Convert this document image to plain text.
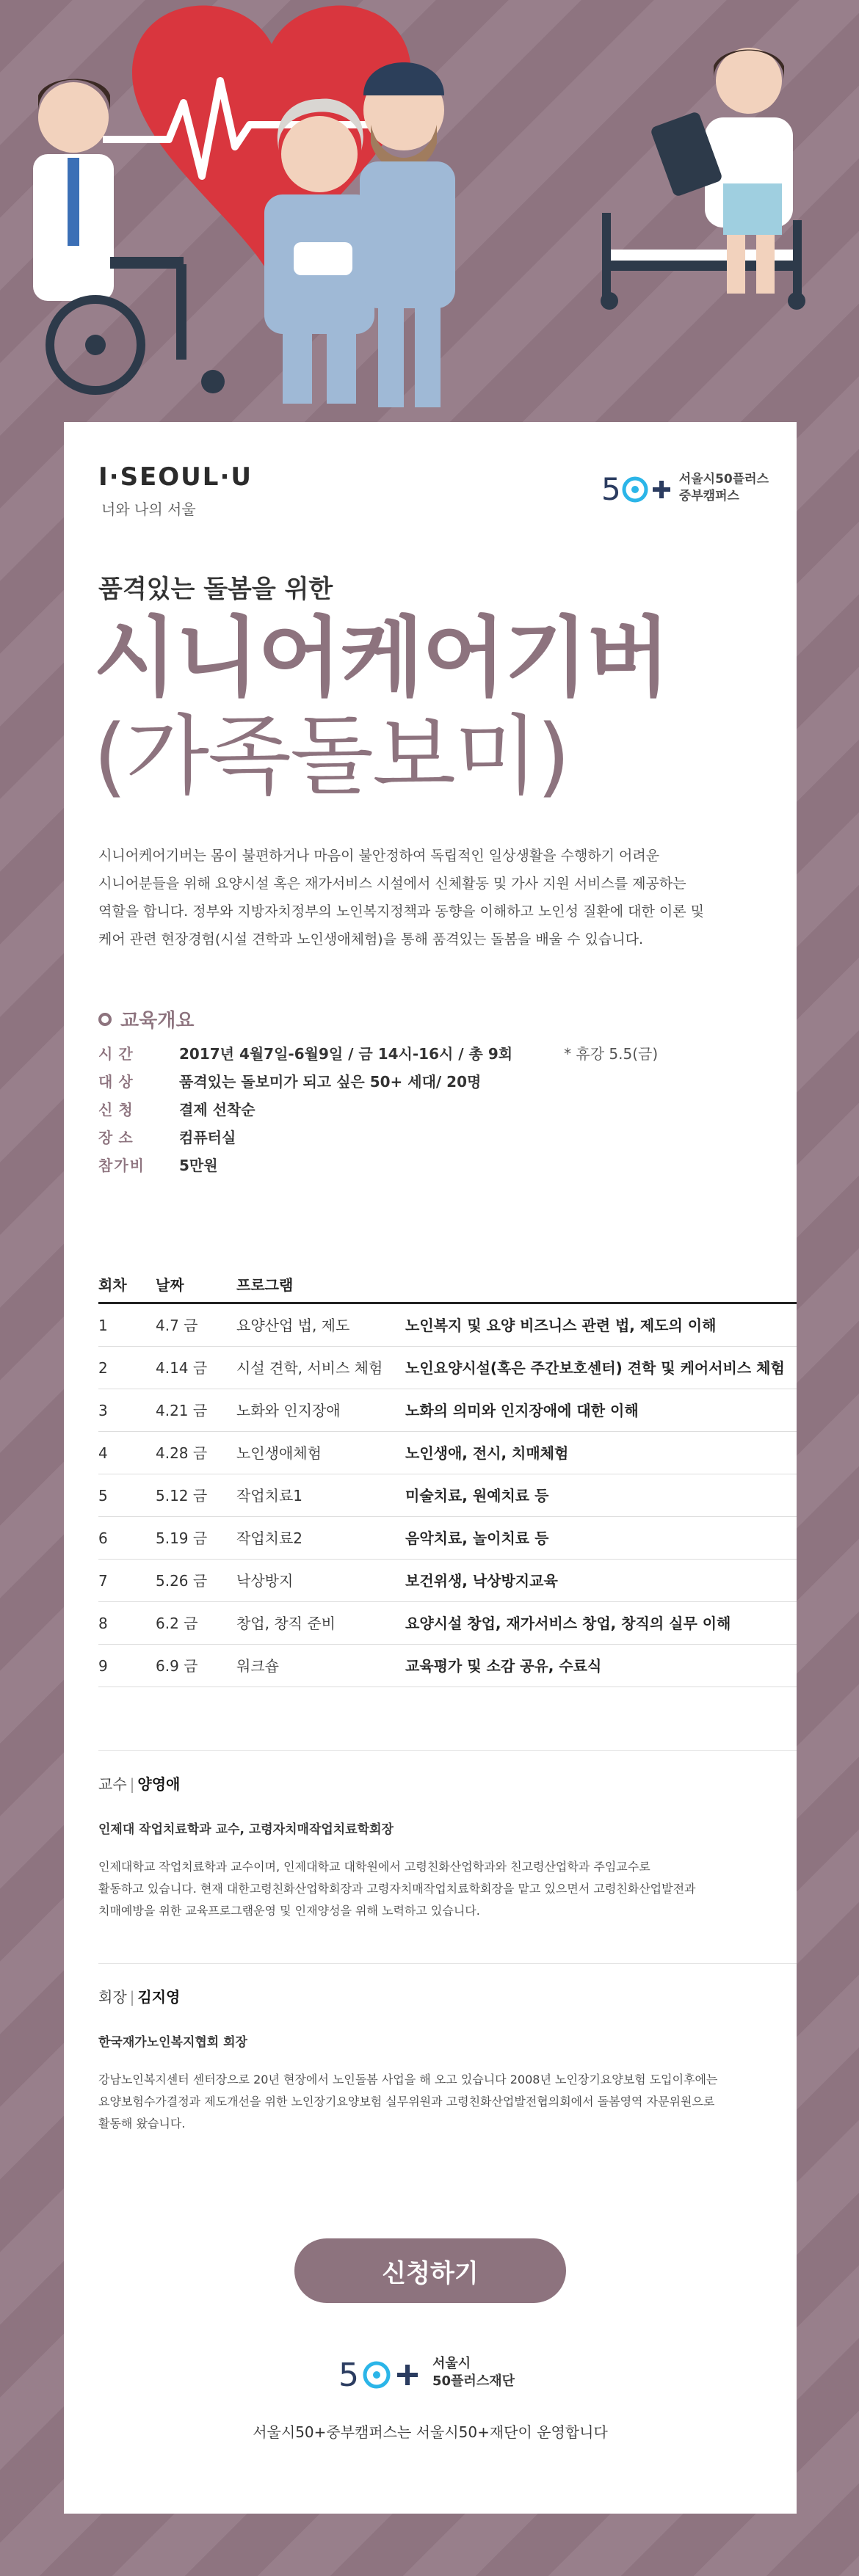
I·SEOUL·U
너와 나의 서울
5	서울시50플러스
중부캠퍼스
품격있는 돌봄을 위한
시니어케어기버
(가족돌보미)
시니어케어기버는 몸이 불편하거나 마음이 불안정하여 독립적인 일상생활을 수행하기 어려운
시니어분들을 위해 요양시설 혹은 재가서비스 시설에서 신체활동 및 가사 지원 서비스를 제공하는
역할을 합니다. 정부와 지방자치정부의 노인복지정책과 동향을 이해하고 노인성 질환에 대한 이론 및
케어 관련 현장경험(시설 견학과 노인생애체험)을 통해 품격있는 돌봄을 배울 수 있습니다.
교육개요
시간	2017년 4월7일-6월9일 / 금 14시-16시 / 총 9회	* 휴강 5.5(금)
대상	품격있는 돌보미가 되고 싶은 50+ 세대/ 20명
신청	결제 선착순
장소	컴퓨터실
참가비	5만원
회차	날짜	프로그램
1	4.7 금	요양산업 법, 제도	노인복지 및 요양 비즈니스 관련 법, 제도의 이해
2	4.14 금	시설 견학, 서비스 체험	노인요양시설(혹은 주간보호센터) 견학 및 케어서비스 체험
3	4.21 금	노화와 인지장애	노화의 의미와 인지장애에 대한 이해
4	4.28 금	노인생애체험	노인생애, 전시, 치매체험
5	5.12 금	작업치료1	미술치료, 원예치료 등
6	5.19 금	작업치료2	음악치료, 놀이치료 등
7	5.26 금	낙상방지	보건위생, 낙상방지교육
8	6.2 금	창업, 창직 준비	요양시설 창업, 재가서비스 창업, 창직의 실무 이해
9	6.9 금	워크숍	교육평가 및 소감 공유, 수료식
교수 | 양영애
인제대 작업치료학과 교수, 고령자치매작업치료학회장
인제대학교 작업치료학과 교수이며, 인제대학교 대학원에서 고령친화산업학과와 친고령산업학과 주임교수로
활동하고 있습니다. 현재 대한고령친화산업학회장과 고령자치매작업치료학회장을 맡고 있으면서 고령친화산업발전과
치매예방을 위한 교육프로그램운영 및 인재양성을 위해 노력하고 있습니다.
회장 | 김지영
한국재가노인복지협회 회장
강남노인복지센터 센터장으로 20년 현장에서 노인돌봄 사업을 해 오고 있습니다 2008년 노인장기요양보험 도입이후에는
요양보험수가결정과 제도개선을 위한 노인장기요양보험 실무위원과 고령친화산업발전협의회에서 돌봄영역 자문위원으로
활동해 왔습니다.
신청하기
5	서울시
50플러스재단
서울시50+중부캠퍼스는 서울시50+재단이 운영합니다
